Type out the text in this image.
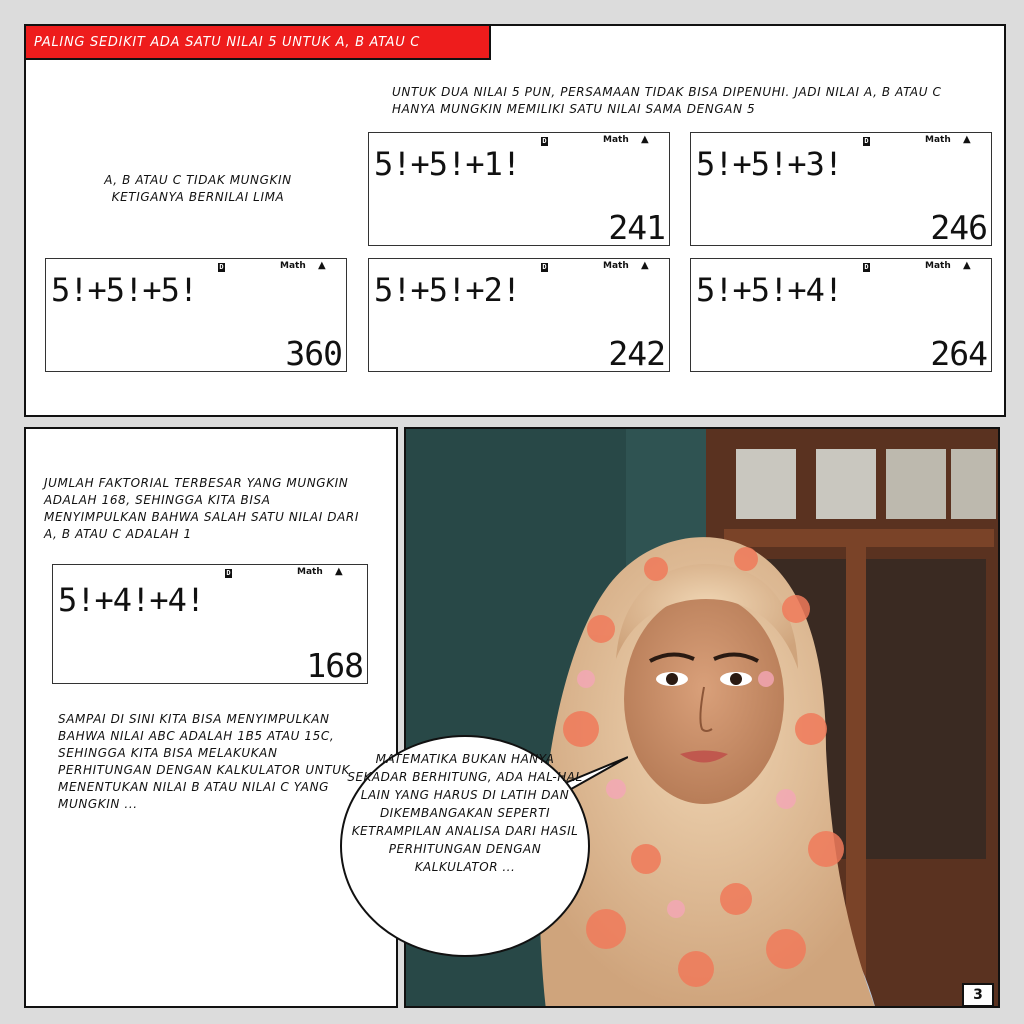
PALING SEDIKIT ADA SATU NILAI 5 UNTUK A, B ATAU C
UNTUK DUA NILAI 5 PUN, PERSAMAAN TIDAK BISA DIPENUHI. JADI NILAI A, B ATAU C HANYA MUNGKIN MEMILIKI SATU NILAI SAMA DENGAN 5
A, B ATAU C TIDAK MUNGKIN KETIGANYA BERNILAI LIMA
D	Math ▲
5!+5!+1!
241
D	Math ▲
5!+5!+3!
246
D	Math ▲
5!+5!+5!
360
D	Math ▲
5!+5!+2!
242
D	Math ▲
5!+5!+4!
264
JUMLAH FAKTORIAL TERBESAR YANG MUNGKIN ADALAH 168, SEHINGGA KITA BISA MENYIMPULKAN BAHWA SALAH SATU NILAI DARI A, B ATAU C ADALAH 1
D	Math ▲
5!+4!+4!
168
SAMPAI DI SINI KITA BISA MENYIMPULKAN BAHWA NILAI ABC ADALAH 1B5 ATAU 15C, SEHINGGA KITA BISA MELAKUKAN PERHITUNGAN DENGAN KALKULATOR UNTUK MENENTUKAN NILAI B ATAU NILAI C YANG MUNGKIN ...
MATEMATIKA BUKAN HANYA SEKADAR BERHITUNG, ADA HAL-HAL LAIN YANG HARUS DI LATIH DAN DIKEMBANGAKAN SEPERTI KETRAMPILAN ANALISA DARI HASIL PERHITUNGAN DENGAN KALKULATOR ...
3
